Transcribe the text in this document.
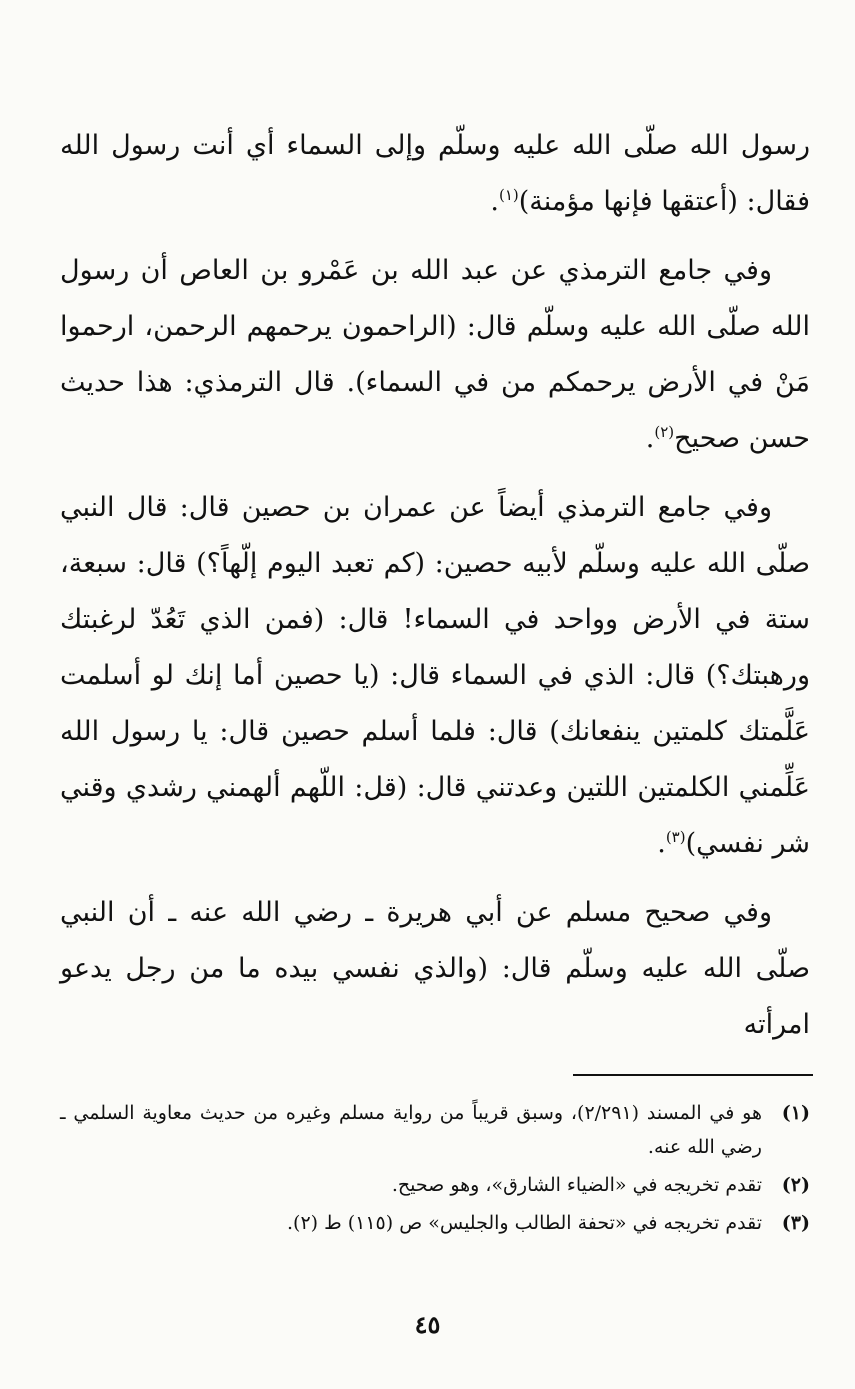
رسول الله صلّى الله عليه وسلّم وإلى السماء أي أنت رسول الله فقال: (أعتقها فإنها مؤمنة)$^{(١)}$.

وفي جامع الترمذي عن عبد الله بن عَمْرو بن العاص أن رسول الله صلّى الله عليه وسلّم قال: (الراحمون يرحمهم الرحمن، ارحموا مَنْ في الأرض يرحمكم من في السماء). قال الترمذي: هذا حديث حسن صحيح$^{(٢)}$.

وفي جامع الترمذي أيضاً عن عمران بن حصين قال: قال النبي صلّى الله عليه وسلّم لأبيه حصين: (كم تعبد اليوم إلّهاً؟) قال: سبعة، ستة في الأرض وواحد في السماء! قال: (فمن الذي تَعُدّ لرغبتك ورهبتك؟) قال: الذي في السماء قال: (يا حصين أما إنك لو أسلمت عَلَّمتك كلمتين ينفعانك) قال: فلما أسلم حصين قال: يا رسول الله عَلِّمني الكلمتين اللتين وعدتني قال: (قل: اللّهم ألهمني رشدي وقني شر نفسي)$^{(٣)}$.

وفي صحيح مسلم عن أبي هريرة ـ رضي الله عنه ـ أن النبي صلّى الله عليه وسلّم قال: (والذي نفسي بيده ما من رجل يدعو امرأته

(١)
هو في المسند (٢/٢٩١)، وسبق قريباً من رواية مسلم وغيره من حديث معاوية السلمي ـ رضي الله عنه.
(٢)
تقدم تخريجه في «الضياء الشارق»، وهو صحيح.
(٣)
تقدم تخريجه في «تحفة الطالب والجليس» ص (١١٥) ط (٢).
٤٥
